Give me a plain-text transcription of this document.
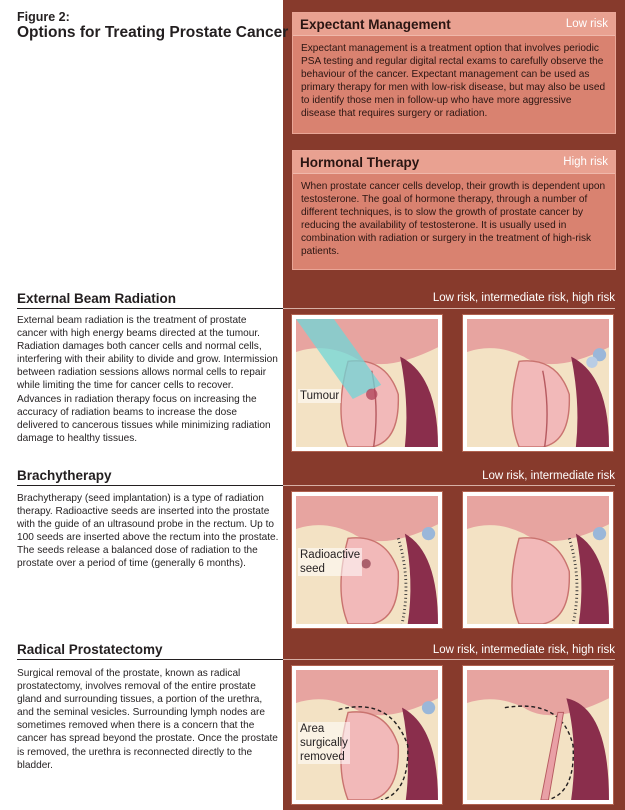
Figure 2:
Options for Treating Prostate Cancer Expectant Management	Low risk
Expectant management is a treatment option that involves periodic PSA testing and regular digital rectal exams to carefully observe the behaviour of the cancer. Expectant management can be used as primary therapy for men with low-risk disease, but may also be used to identify those men in follow-up who have more aggressive disease that requires surgery or radiation.
Hormonal Therapy	High risk
When prostate cancer cells develop, their growth is dependent upon testosterone. The goal of hormone therapy, through a number of different techniques, is to slow the growth of prostate cancer by reducing the availability of testosterone. It is usually used in combination with radiation or surgery in the treatment of high-risk patients.
External Beam Radiation	Low risk, intermediate risk, high risk
External beam radiation is the treatment of prostate cancer with high energy beams directed at the tumour. Radiation damages both cancer cells and normal cells, interfering with their ability to divide and grow. Intermission between radiation sessions allows normal cells to repair while limiting the time for cancer cells to recover. Advances in radiation therapy focus on increasing the accuracy of radiation beams to increase the dose delivered to cancerous tissues while minimizing radiation damage to healthy tissues.
Tumour
Brachytherapy	Low risk, intermediate risk
Brachytherapy (seed implantation) is a type of radiation therapy. Radioactive seeds are inserted into the prostate with the guide of an ultrasound probe in the rectum. Up to 100 seeds are inserted above the rectum into the prostate. The seeds release a balanced dose of radiation to the prostate over a period of time (generally 6 months).
Radioactive
seed
Radical Prostatectomy	Low risk, intermediate risk, high risk
Surgical removal of the prostate, known as radical prostatectomy, involves removal of the entire prostate gland and surrounding tissues, a portion of the urethra, and the seminal vesicles. Surrounding lymph nodes are sometimes removed when there is a concern that the cancer has spread beyond the prostate. Once the prostate is removed, the urethra is reconnected directly to the bladder.
Area
surgically
removed
